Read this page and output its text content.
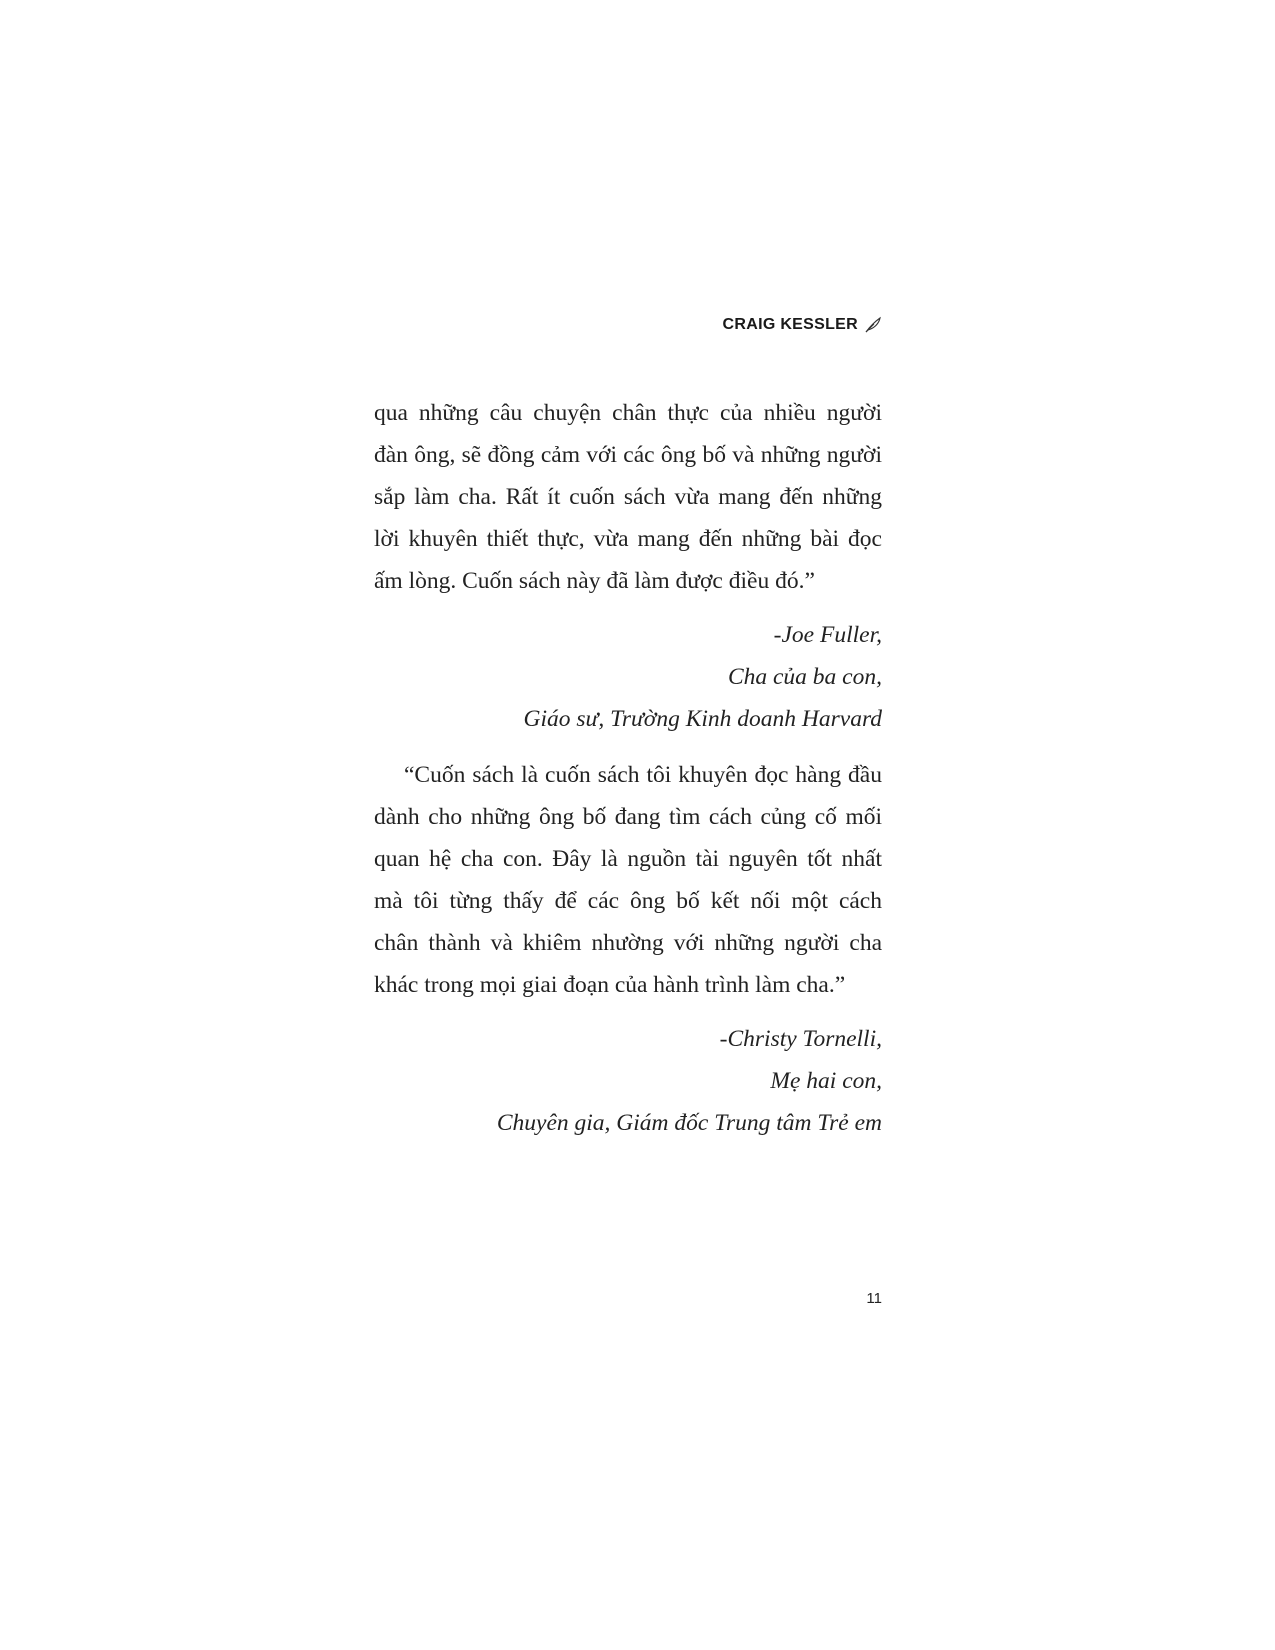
CRAIG KESSLER

qua những câu chuyện chân thực của nhiều người
đàn ông, sẽ đồng cảm với các ông bố và những người
sắp làm cha. Rất ít cuốn sách vừa mang đến những
lời khuyên thiết thực, vừa mang đến những bài đọc
ấm lòng. Cuốn sách này đã làm được điều đó.”

-Joe Fuller,
Cha của ba con,
Giáo sư, Trường Kinh doanh Harvard

“Cuốn sách là cuốn sách tôi khuyên đọc hàng đầu
dành cho những ông bố đang tìm cách củng cố mối
quan hệ cha con. Đây là nguồn tài nguyên tốt nhất
mà tôi từng thấy để các ông bố kết nối một cách
chân thành và khiêm nhường với những người cha
khác trong mọi giai đoạn của hành trình làm cha.”

-Christy Tornelli,
Mẹ hai con,
Chuyên gia, Giám đốc Trung tâm Trẻ em
11
